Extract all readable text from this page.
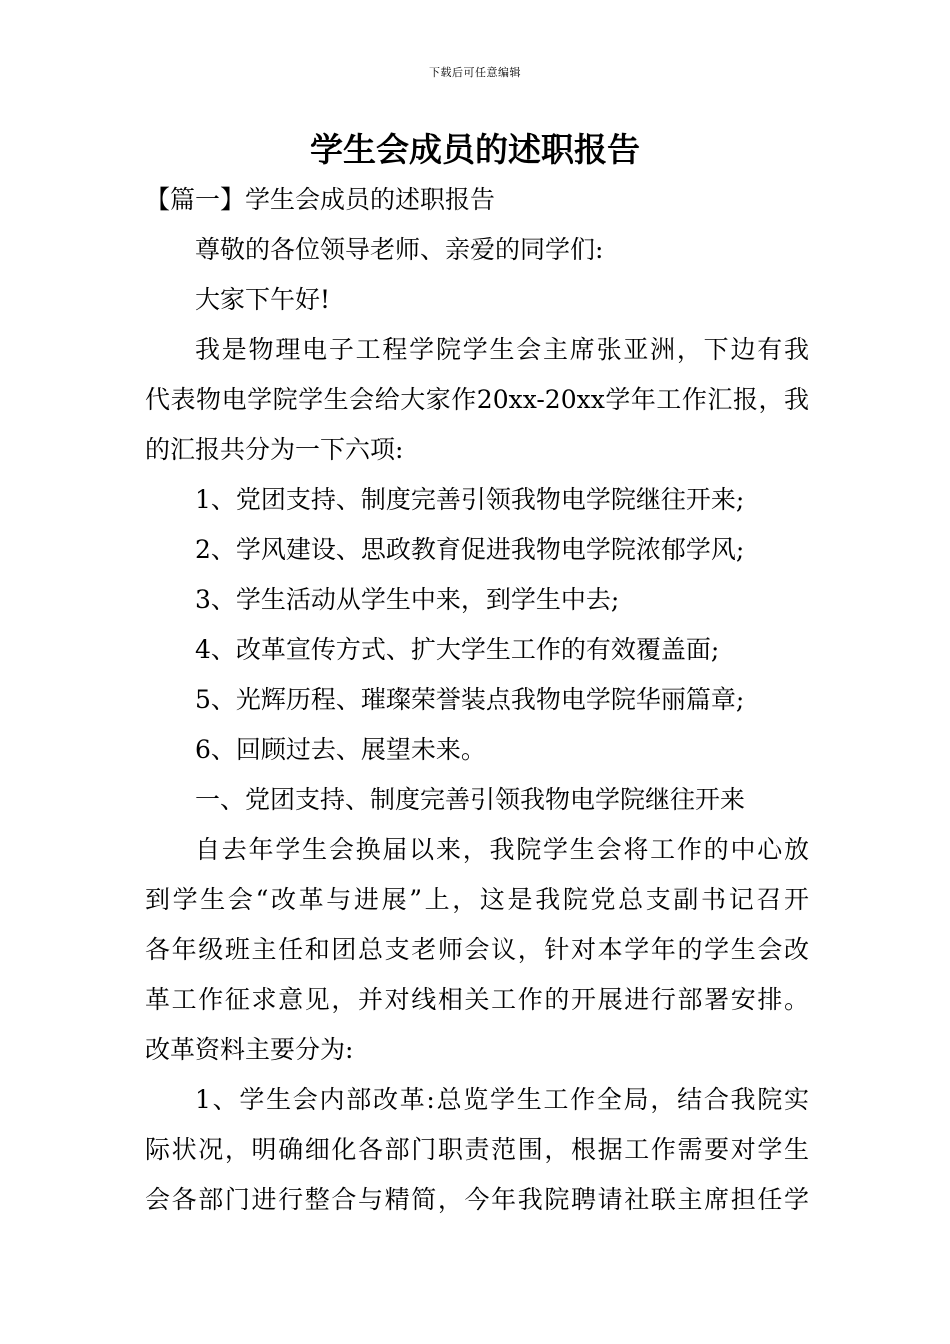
下载后可任意编辑
学生会成员的述职报告
【篇一】学生会成员的述职报告
尊敬的各位领导老师、亲爱的同学们:
大家下午好!
我是物理电子工程学院学生会主席张亚洲，下边有我
代表物电学院学生会给大家作20xx-20xx学年工作汇报，我
的汇报共分为一下六项:
1、党团支持、制度完善引领我物电学院继往开来;
2、学风建设、思政教育促进我物电学院浓郁学风;
3、学生活动从学生中来，到学生中去;
4、改革宣传方式、扩大学生工作的有效覆盖面;
5、光辉历程、璀璨荣誉装点我物电学院华丽篇章;
6、回顾过去、展望未来。
一、党团支持、制度完善引领我物电学院继往开来
自去年学生会换届以来，我院学生会将工作的中心放
到学生会“改革与进展”上，这是我院党总支副书记召开
各年级班主任和团总支老师会议，针对本学年的学生会改
革工作征求意见，并对线相关工作的开展进行部署安排。
改革资料主要分为:
1、学生会内部改革:总览学生工作全局，结合我院实
际状况，明确细化各部门职责范围，根据工作需要对学生
会各部门进行整合与精简，今年我院聘请社联主席担任学
